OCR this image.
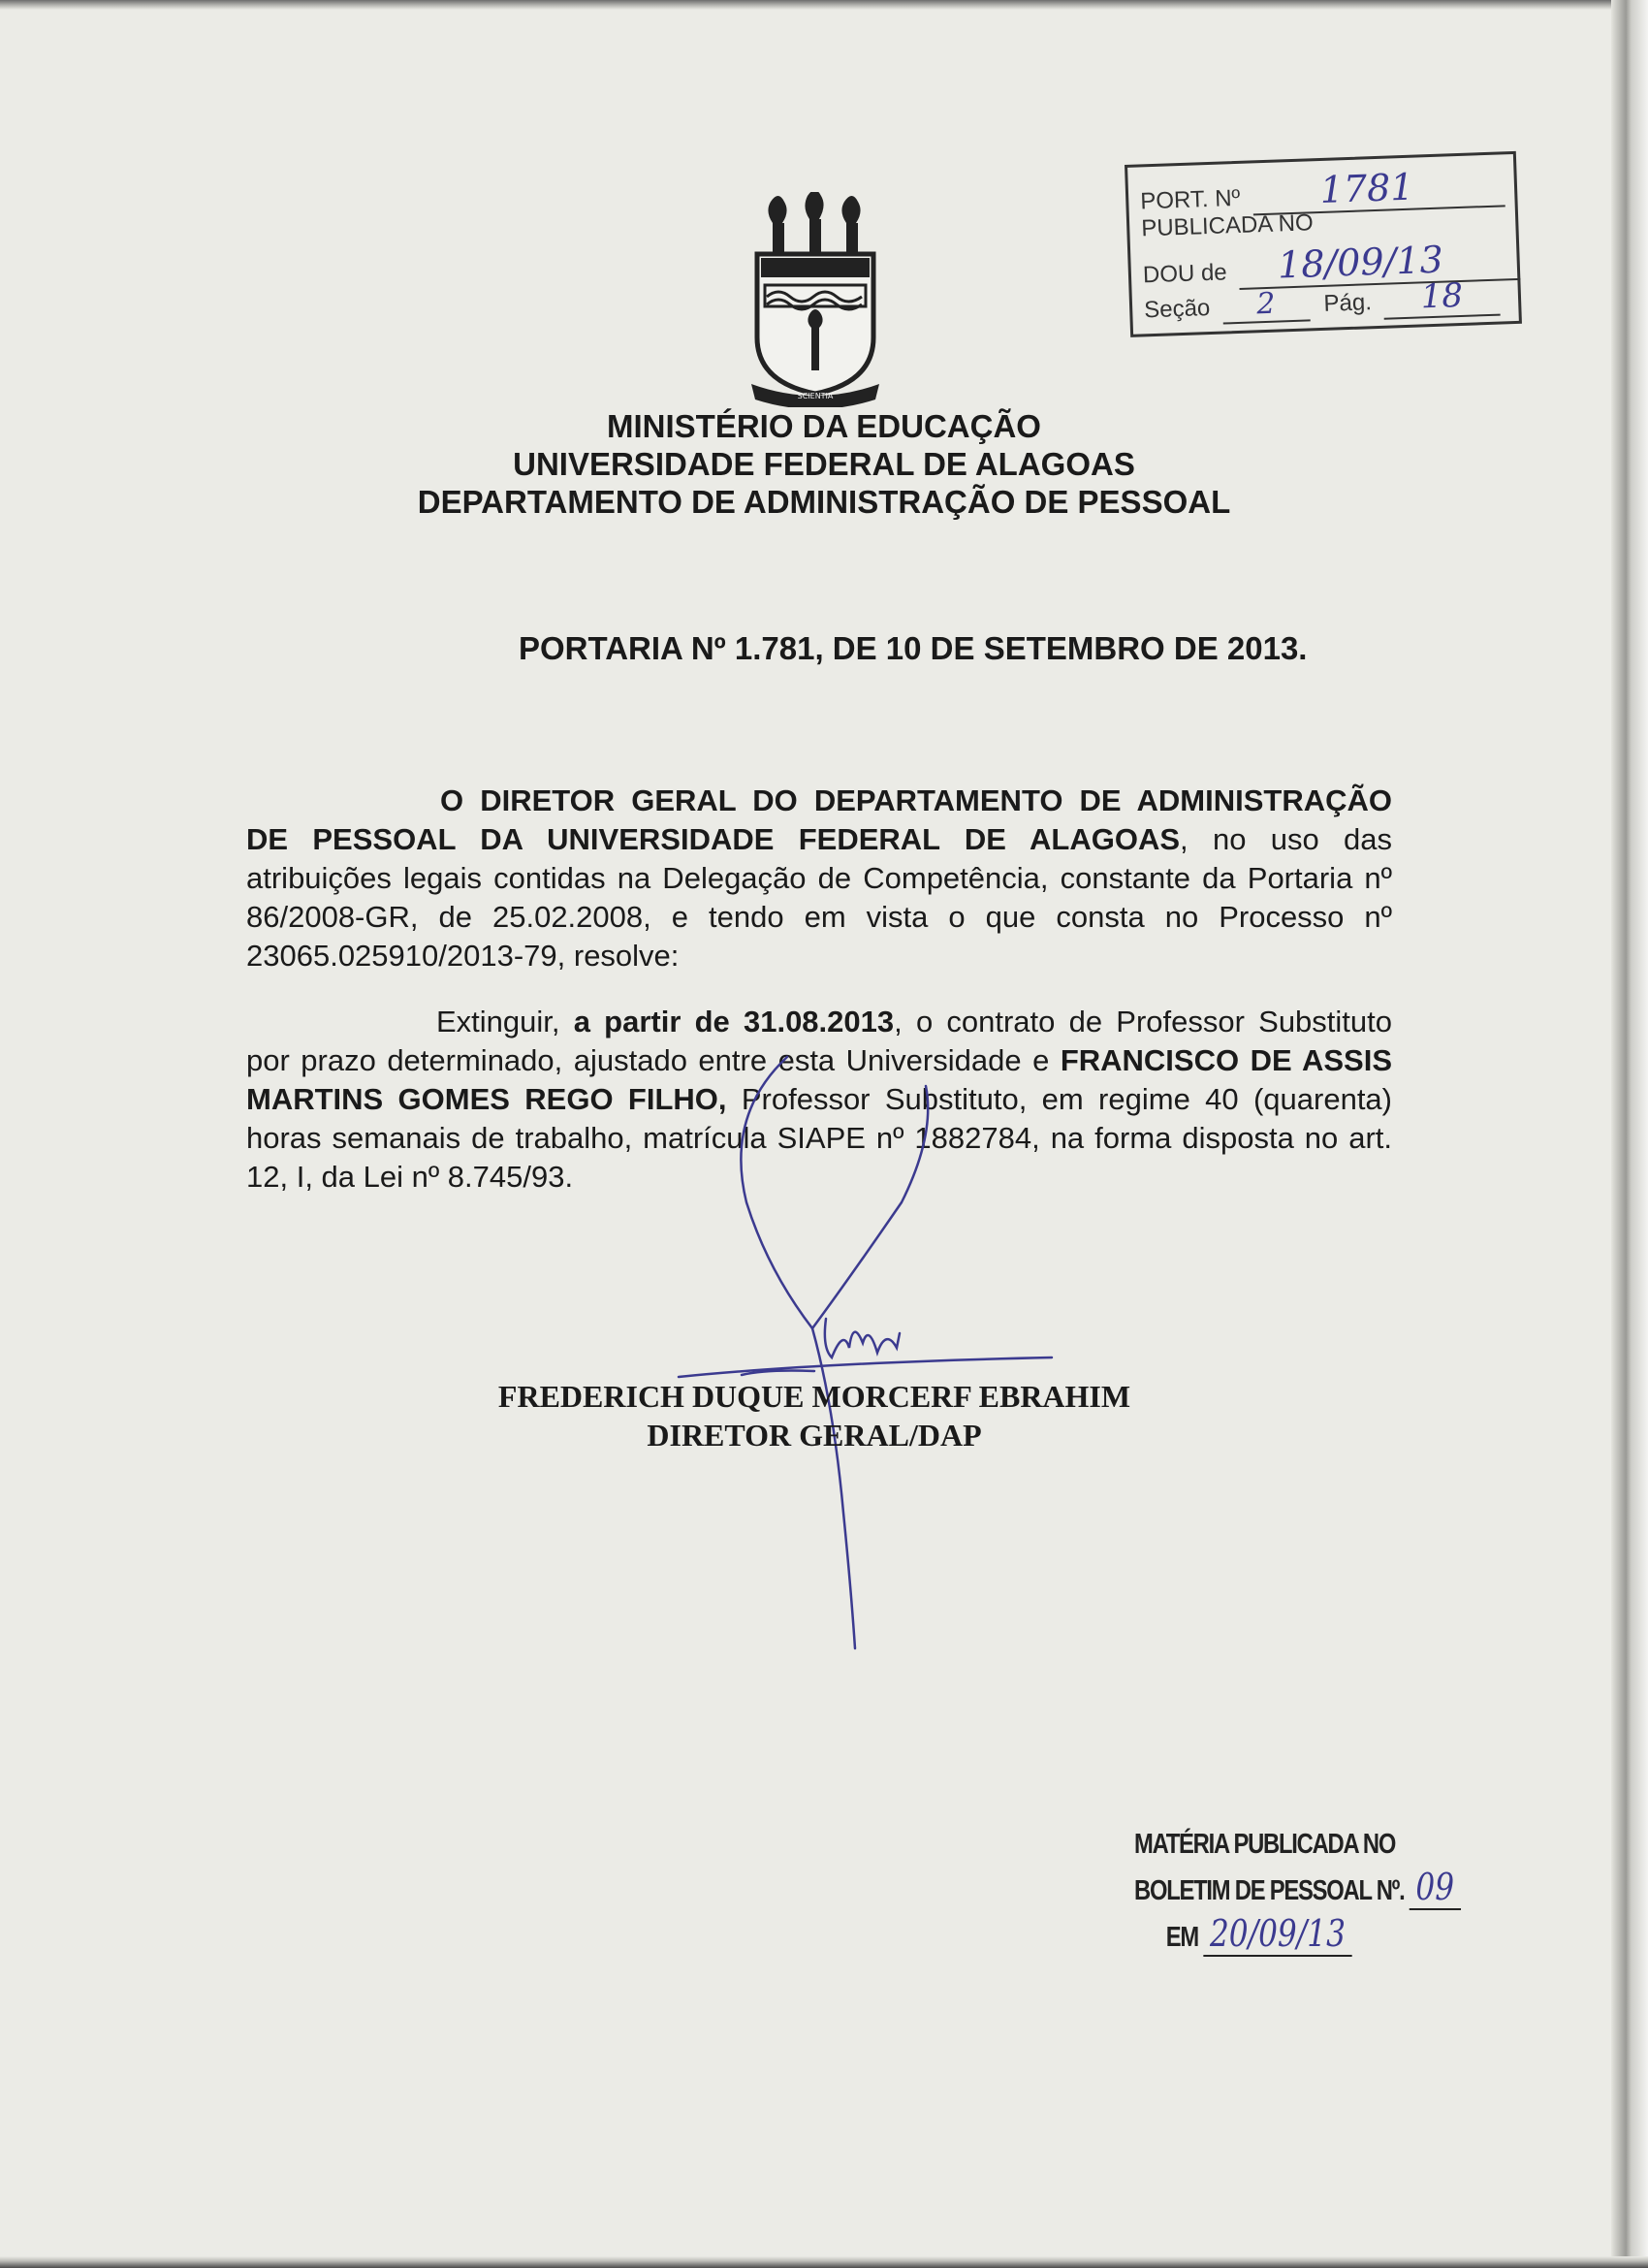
SCIENTIA
PORT. Nº 1781
PUBLICADA NO
DOU de 18/09/13
Seção 2 Pág. 18
MINISTÉRIO DA EDUCAÇÃO
UNIVERSIDADE FEDERAL DE ALAGOAS
DEPARTAMENTO DE ADMINISTRAÇÃO DE PESSOAL
PORTARIA Nº 1.781, DE 10 DE SETEMBRO DE 2013.
O DIRETOR GERAL DO DEPARTAMENTO DE ADMINISTRAÇÃO DE PESSOAL DA UNIVERSIDADE FEDERAL DE ALAGOAS, no uso das atribuições legais contidas na Delegação de Competência, constante da Portaria nº 86/2008-GR, de 25.02.2008, e tendo em vista o que consta no Processo nº 23065.025910/2013-79, resolve:
Extinguir, a partir de 31.08.2013, o contrato de Professor Substituto por prazo determinado, ajustado entre esta Universidade e FRANCISCO DE ASSIS MARTINS GOMES REGO FILHO, Professor Substituto, em regime 40 (quarenta) horas semanais de trabalho, matrícula SIAPE nº 1882784, na forma disposta no art. 12, I, da Lei nº 8.745/93.
FREDERICH DUQUE MORCERF EBRAHIM
DIRETOR GERAL/DAP
MATÉRIA PUBLICADA NO
BOLETIM DE PESSOAL Nº. 09
EM 20/09/13
